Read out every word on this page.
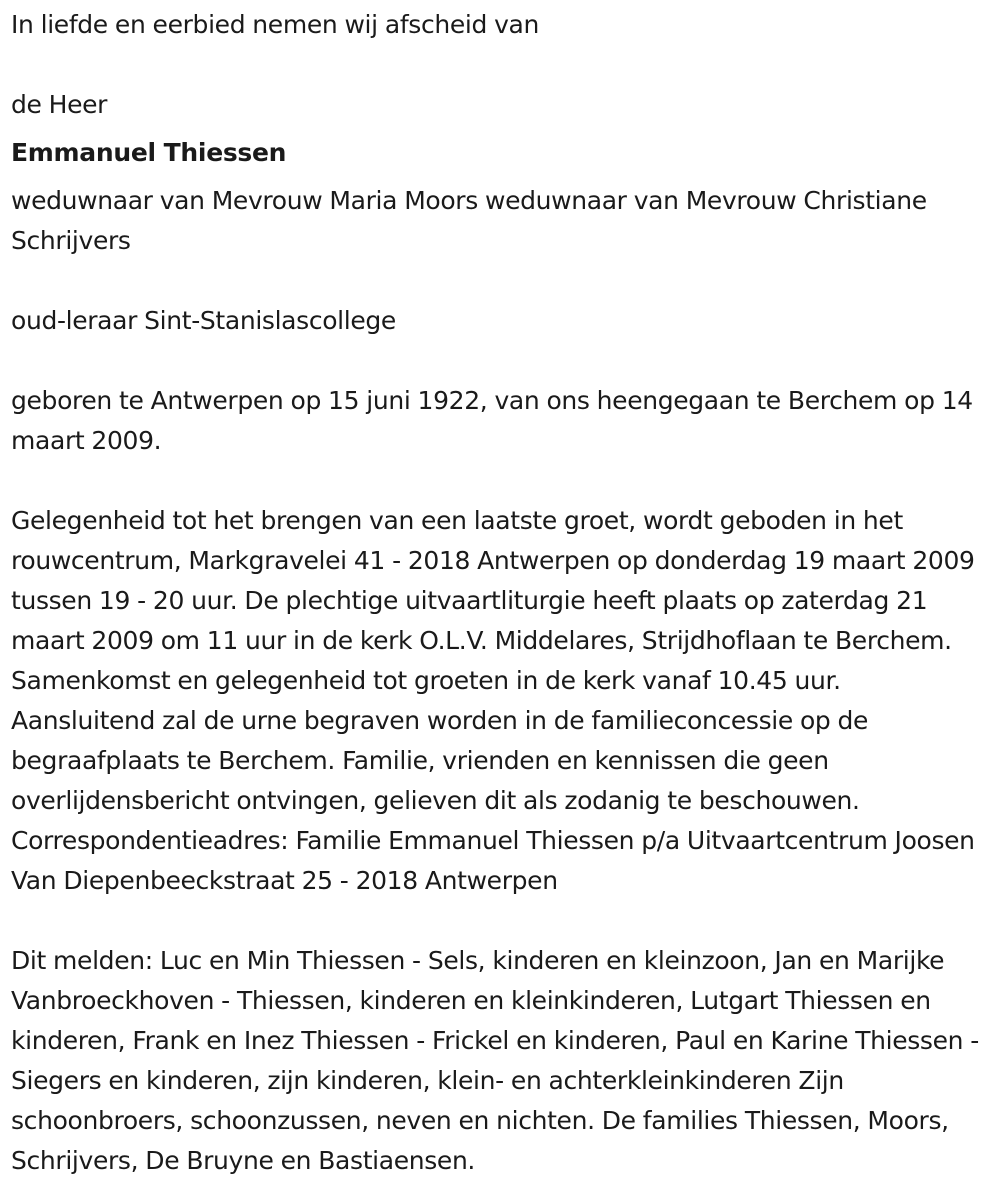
In liefde en eerbied nemen wij afscheid van

de Heer

Emmanuel Thiessen

weduwnaar van Mevrouw Maria Moors weduwnaar van Mevrouw Christiane Schrijvers

oud-leraar Sint-Stanislascollege

geboren te Antwerpen op 15 juni 1922, van ons heengegaan te Berchem op 14 maart 2009.

Gelegenheid tot het brengen van een laatste groet, wordt geboden in het rouwcentrum, Markgravelei 41 - 2018 Antwerpen op donderdag 19 maart 2009 tussen 19 - 20 uur. De plechtige uitvaartliturgie heeft plaats op zaterdag 21 maart 2009 om 11 uur in de kerk O.L.V. Middelares, Strijdhoflaan te Berchem. Samenkomst en gelegenheid tot groeten in de kerk vanaf 10.45 uur. Aansluitend zal de urne begraven worden in de familieconcessie op de begraafplaats te Berchem. Familie, vrienden en kennissen die geen overlijdensbericht ontvingen, gelieven dit als zodanig te beschouwen. Correspondentieadres: Familie Emmanuel Thiessen p/a Uitvaartcentrum Joosen Van Diepenbeeckstraat 25 - 2018 Antwerpen

Dit melden: Luc en Min Thiessen - Sels, kinderen en kleinzoon, Jan en Marijke Vanbroeckhoven - Thiessen, kinderen en kleinkinderen, Lutgart Thiessen en kinderen, Frank en Inez Thiessen - Frickel en kinderen, Paul en Karine Thiessen - Siegers en kinderen, zijn kinderen, klein- en achterkleinkinderen Zijn schoonbroers, schoonzussen, neven en nichten. De families Thiessen, Moors, Schrijvers, De Bruyne en Bastiaensen.
